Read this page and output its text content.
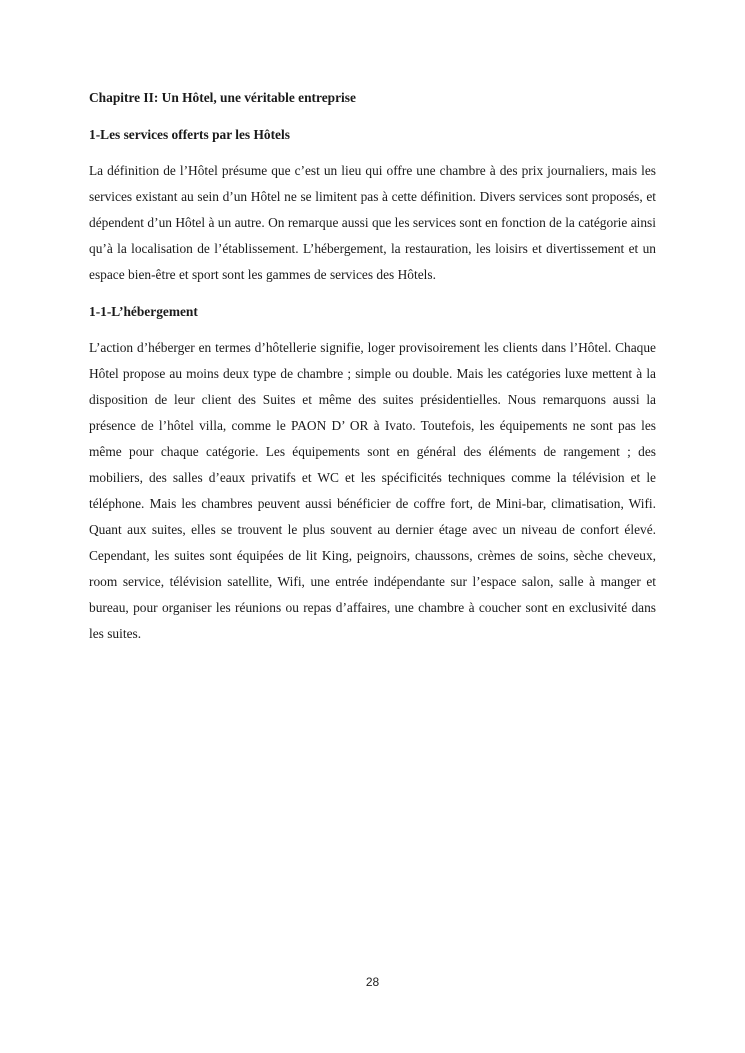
Chapitre II: Un Hôtel, une véritable entreprise
1-Les services offerts par les Hôtels

La définition de l’Hôtel présume que c’est un lieu qui offre une chambre à des prix journaliers, mais les services existant au sein d’un Hôtel ne se limitent pas à cette définition. Divers services sont proposés, et dépendent d’un Hôtel à un autre. On remarque aussi que les services sont en fonction de la catégorie ainsi qu’à la localisation de l’établissement. L’hébergement, la restauration, les loisirs et divertissement et un espace bien-être et sport sont les gammes de services des Hôtels.

1-1-L’hébergement

L’action d’héberger en termes d’hôtellerie signifie, loger provisoirement les clients dans l’Hôtel. Chaque Hôtel propose au moins deux type de chambre ; simple ou double. Mais les catégories luxe mettent à la disposition de leur client des Suites et même des suites présidentielles. Nous remarquons aussi la présence de l’hôtel villa, comme le PAON D’ OR à Ivato. Toutefois, les équipements ne sont pas les même pour chaque catégorie. Les équipements sont en général des éléments de rangement ; des mobiliers, des salles d’eaux privatifs et WC et les spécificités techniques comme la télévision et le téléphone. Mais les chambres peuvent aussi bénéficier de coffre fort, de Mini-bar, climatisation, Wifi. Quant aux suites, elles se trouvent le plus souvent au dernier étage avec un niveau de confort élevé. Cependant, les suites sont équipées de lit King, peignoirs, chaussons, crèmes de soins, sèche cheveux, room service, télévision satellite, Wifi, une entrée indépendante sur l’espace salon, salle à manger et bureau, pour organiser les réunions ou repas d’affaires, une chambre à coucher sont en exclusivité dans les suites.

28
